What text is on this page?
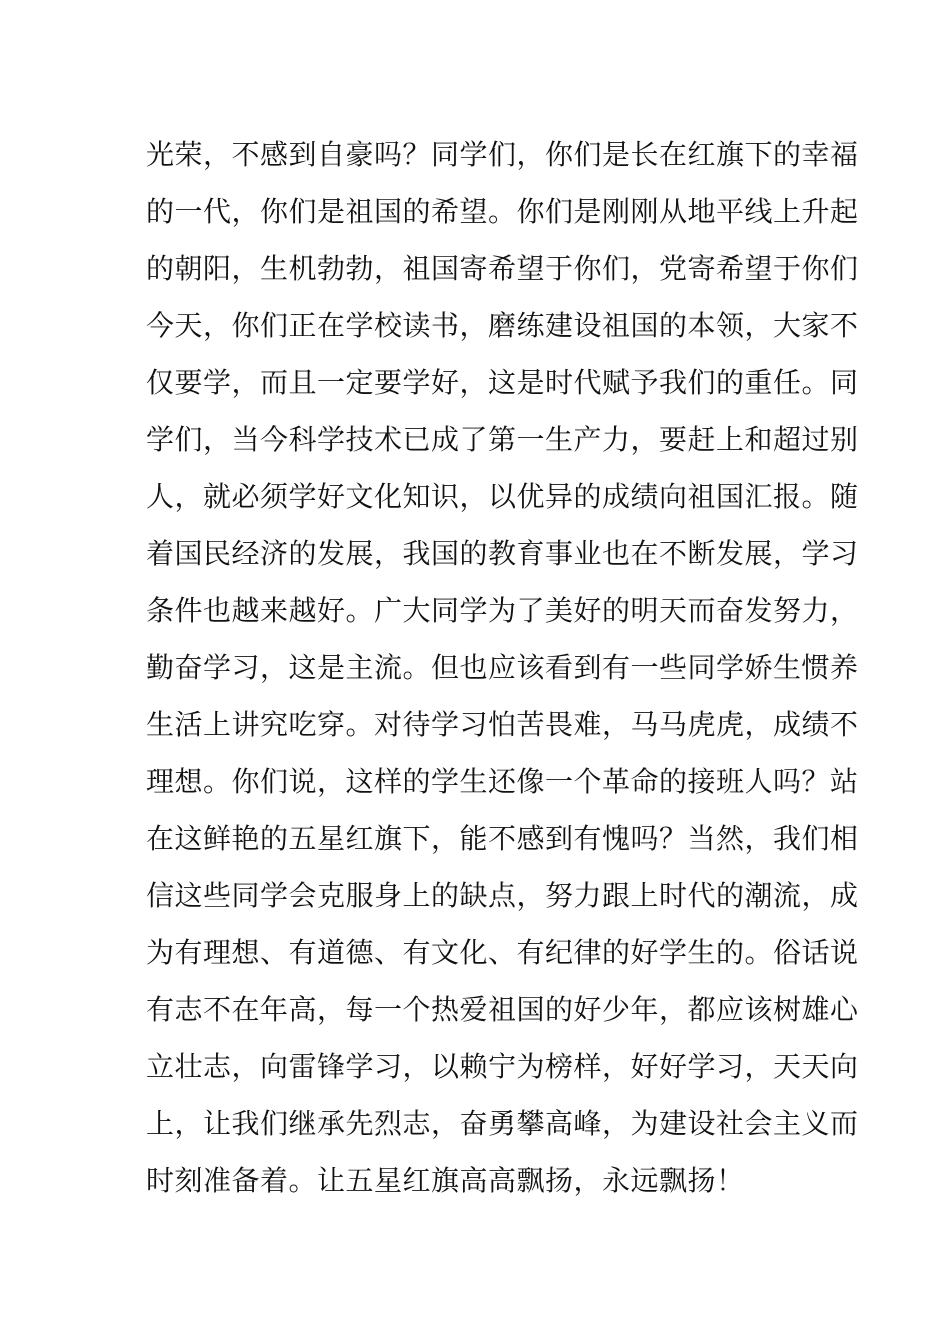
光荣，不感到自豪吗？同学们，你们是长在红旗下的幸福
的一代，你们是祖国的希望。你们是刚刚从地平线上升起
的朝阳，生机勃勃，祖国寄希望于你们，党寄希望于你们
今天，你们正在学校读书，磨练建设祖国的本领，大家不
仅要学，而且一定要学好，这是时代赋予我们的重任。同
学们，当今科学技术已成了第一生产力，要赶上和超过别
人，就必须学好文化知识，以优异的成绩向祖国汇报。随
着国民经济的发展，我国的教育事业也在不断发展，学习
条件也越来越好。广大同学为了美好的明天而奋发努力，
勤奋学习，这是主流。但也应该看到有一些同学娇生惯养
生活上讲究吃穿。对待学习怕苦畏难，马马虎虎，成绩不
理想。你们说，这样的学生还像一个革命的接班人吗？站
在这鲜艳的五星红旗下，能不感到有愧吗？当然，我们相
信这些同学会克服身上的缺点，努力跟上时代的潮流，成
为有理想、有道德、有文化、有纪律的好学生的。俗话说
有志不在年高，每一个热爱祖国的好少年，都应该树雄心
立壮志，向雷锋学习，以赖宁为榜样，好好学习，天天向
上，让我们继承先烈志，奋勇攀高峰，为建设社会主义而
时刻准备着。让五星红旗高高飘扬，永远飘扬！
